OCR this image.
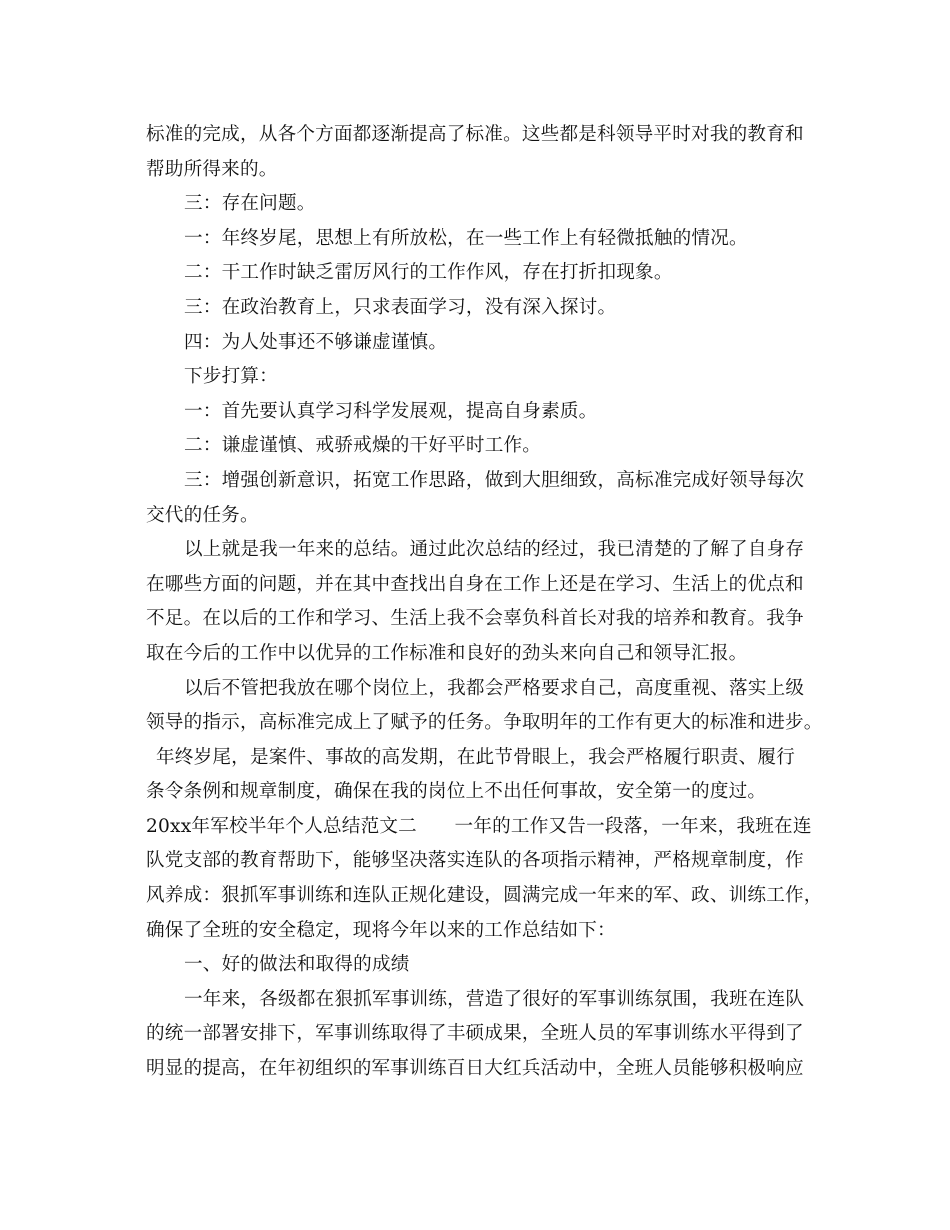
标准的完成，从各个方面都逐渐提高了标准。这些都是科领导平时对我的教育和
帮助所得来的。
三：存在问题。
一：年终岁尾，思想上有所放松，在一些工作上有轻微抵触的情况。
二：干工作时缺乏雷厉风行的工作作风，存在打折扣现象。
三：在政治教育上，只求表面学习，没有深入探讨。
四：为人处事还不够谦虚谨慎。
下步打算：
一：首先要认真学习科学发展观，提高自身素质。
二：谦虚谨慎、戒骄戒燥的干好平时工作。
三：增强创新意识，拓宽工作思路，做到大胆细致，高标准完成好领导每次
交代的任务。
以上就是我一年来的总结。通过此次总结的经过，我已清楚的了解了自身存
在哪些方面的问题，并在其中查找出自身在工作上还是在学习、生活上的优点和
不足。在以后的工作和学习、生活上我不会辜负科首长对我的培养和教育。我争
取在今后的工作中以优异的工作标准和良好的劲头来向自己和领导汇报。
以后不管把我放在哪个岗位上，我都会严格要求自己，高度重视、落实上级
领导的指示，高标准完成上了赋予的任务。争取明年的工作有更大的标准和进步。
年终岁尾，是案件、事故的高发期，在此节骨眼上，我会严格履行职责、履行
条令条例和规章制度，确保在我的岗位上不出任何事故，安全第一的度过。
20xx年军校半年个人总结范文二　　一年的工作又告一段落，一年来，我班在连
队党支部的教育帮助下，能够坚决落实连队的各项指示精神，严格规章制度，作
风养成：狠抓军事训练和连队正规化建设，圆满完成一年来的军、政、训练工作，
确保了全班的安全稳定，现将今年以来的工作总结如下：
一、好的做法和取得的成绩
一年来，各级都在狠抓军事训练，营造了很好的军事训练氛围，我班在连队
的统一部署安排下，军事训练取得了丰硕成果，全班人员的军事训练水平得到了
明显的提高，在年初组织的军事训练百日大红兵活动中，全班人员能够积极响应
